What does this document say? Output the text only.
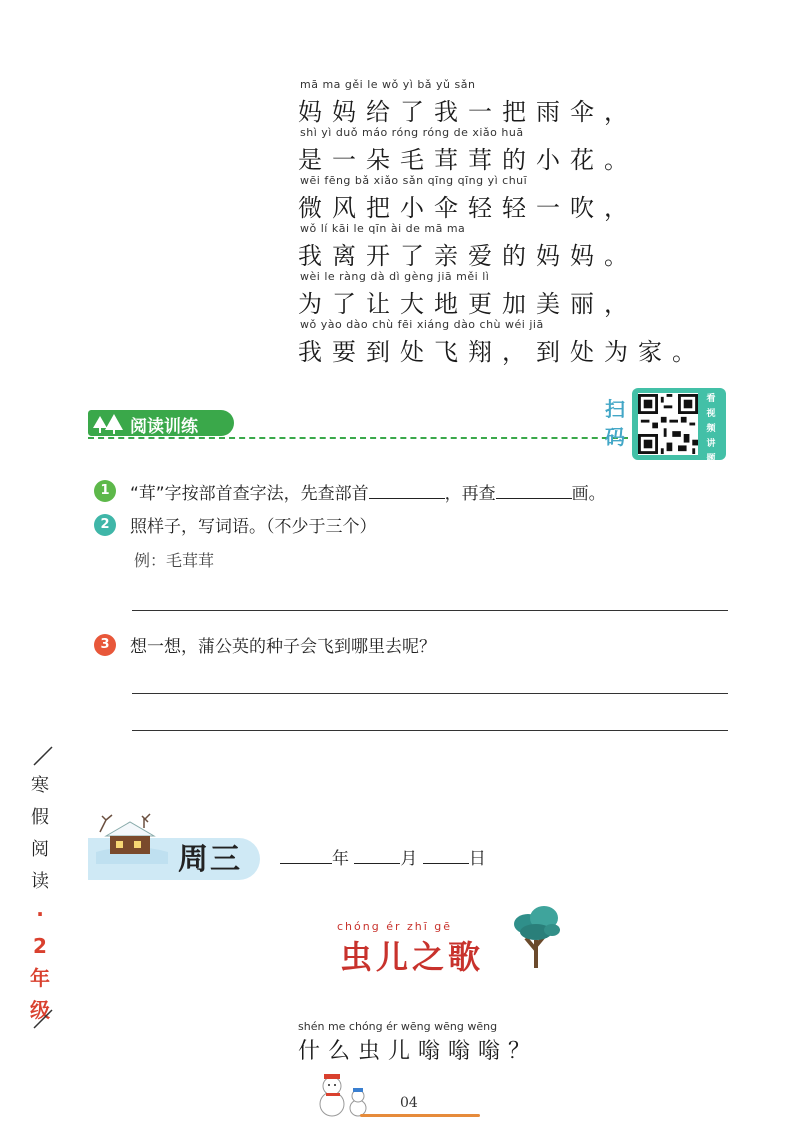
mā ma gěi le wǒ yì bǎ yǔ sǎn
妈妈给了我一把雨伞，
shì yì duǒ máo róng róng de xiǎo huā
是一朵毛茸茸的小花。
wēi fēng bǎ xiǎo sǎn qīng qīng yì chuī
微风把小伞轻轻一吹，
wǒ lí kāi le qīn ài de mā ma
我离开了亲爱的妈妈。
wèi le ràng dà dì gèng jiā měi lì
为了让大地更加美丽，
wǒ yào dào chù fēi xiáng dào chù wéi jiā
我要到处飞翔，到处为家。
阅读训练
扫
码
看
视
频
讲
题
1	“茸”字按部首查字法，先查部首	，再查	画。
2	照样子，写词语。（不少于三个）
例：毛茸茸
3	想一想，蒲公英的种子会飞到哪里去呢？
寒
假
阅
读
·
2
年
级
周三	年	月	日
chóng ér zhī gē
虫儿之歌
shén me chóng ér wēng wēng wēng
什么虫儿嗡嗡嗡？
04
